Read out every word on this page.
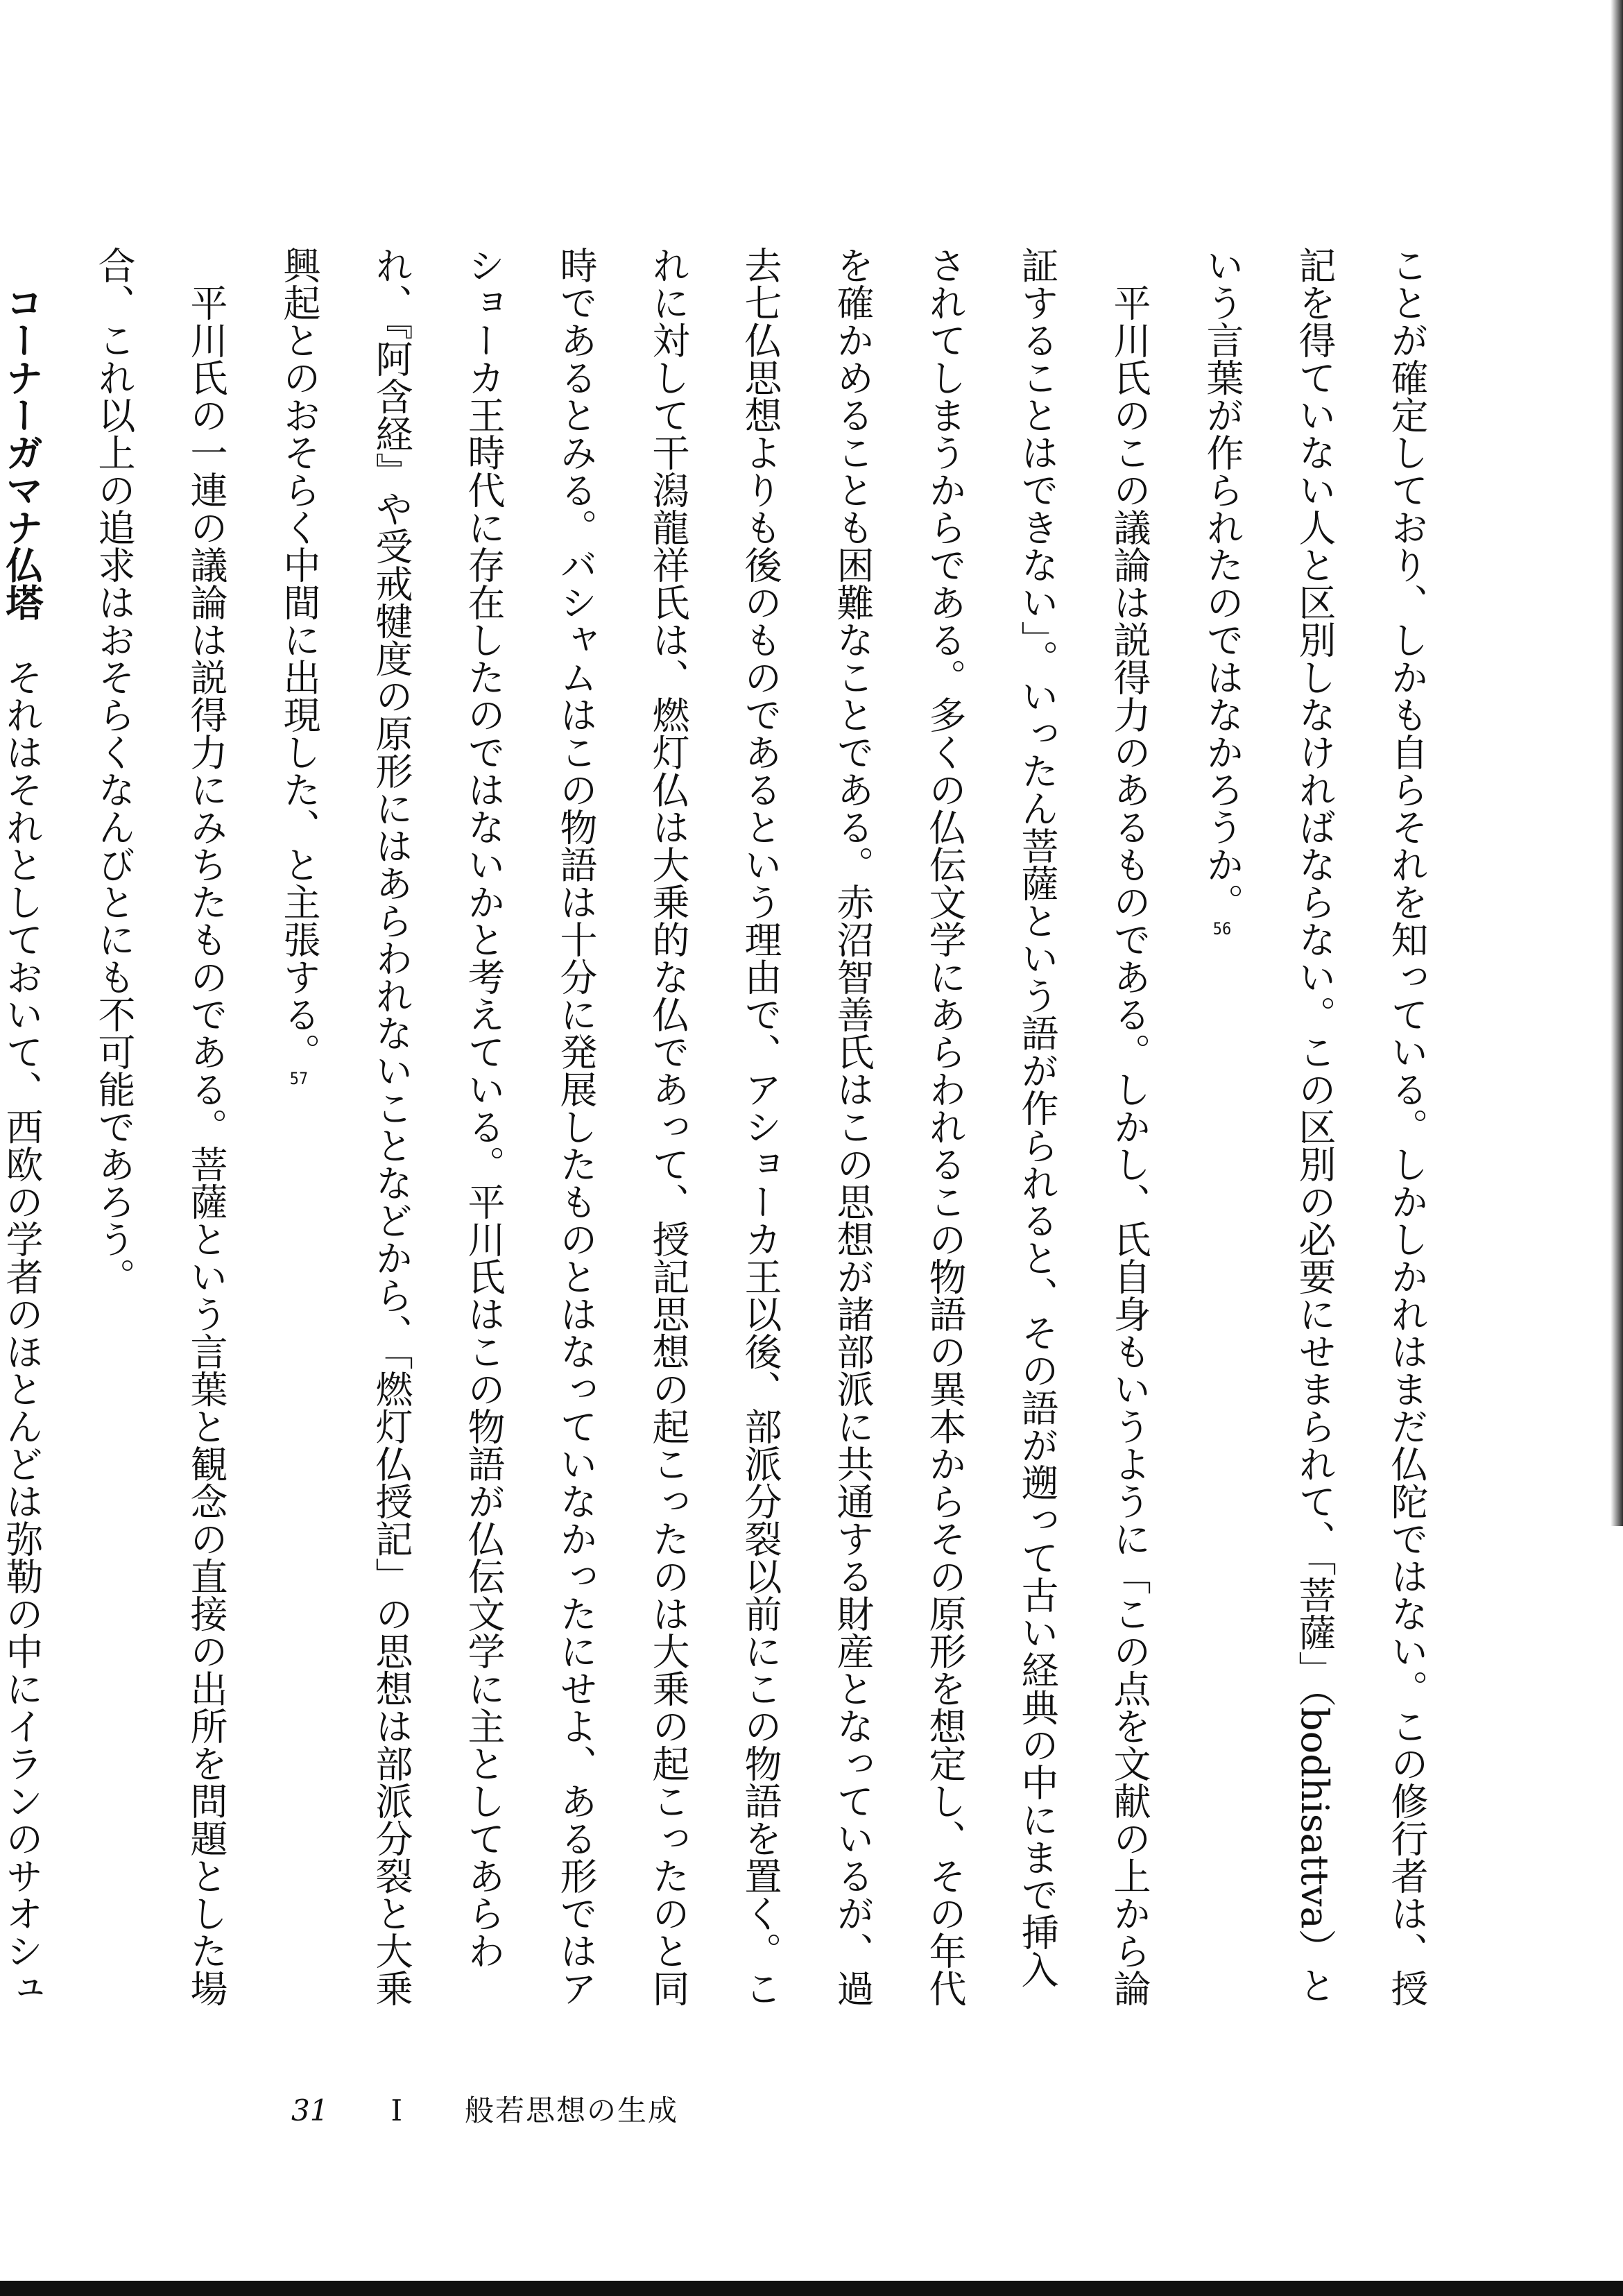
ことが確定しており、しかも自らそれを知っている。しかしかれはまだ仏陀ではない。この修行者は、授記を得ていない人と区別しなければならない。この区別の必要にせまられて、「菩薩」（bodhisattva）という言葉が作られたのではなかろうか。56

平川氏のこの議論は説得力のあるものである。しかし、氏自身もいうように「この点を文献の上から論証することはできない」。いったん菩薩という語が作られると、その語が遡って古い経典の中にまで挿入されてしまうからである。多くの仏伝文学にあらわれるこの物語の異本からその原形を想定し、その年代を確かめることも困難なことである。赤沼智善氏はこの思想が諸部派に共通する財産となっているが、過去七仏思想よりも後のものであるという理由で、アショーカ王以後、部派分裂以前にこの物語を置く。これに対して干潟龍祥氏は、燃灯仏は大乗的な仏であって、授記思想の起こったのは大乗の起こったのと同時であるとみる。バシャムはこの物語は十分に発展したものとはなっていなかったにせよ、ある形ではアショーカ王時代に存在したのではないかと考えている。平川氏はこの物語が仏伝文学に主としてあらわれ、『阿含経』や受戒犍度の原形にはあらわれないことなどから、「燃灯仏授記」の思想は部派分裂と大乗興起とのおそらく中間に出現した、と主張する。57

平川氏の一連の議論は説得力にみちたものである。菩薩という言葉と観念の直接の出所を問題とした場合、これ以上の追求はおそらくなんびとにも不可能であろう。

コーナーガマナ仏塔　それはそれとしておいて、西欧の学者のほとんどは弥勒の中にイランのサオシュ

31 I 般若思想の生成
